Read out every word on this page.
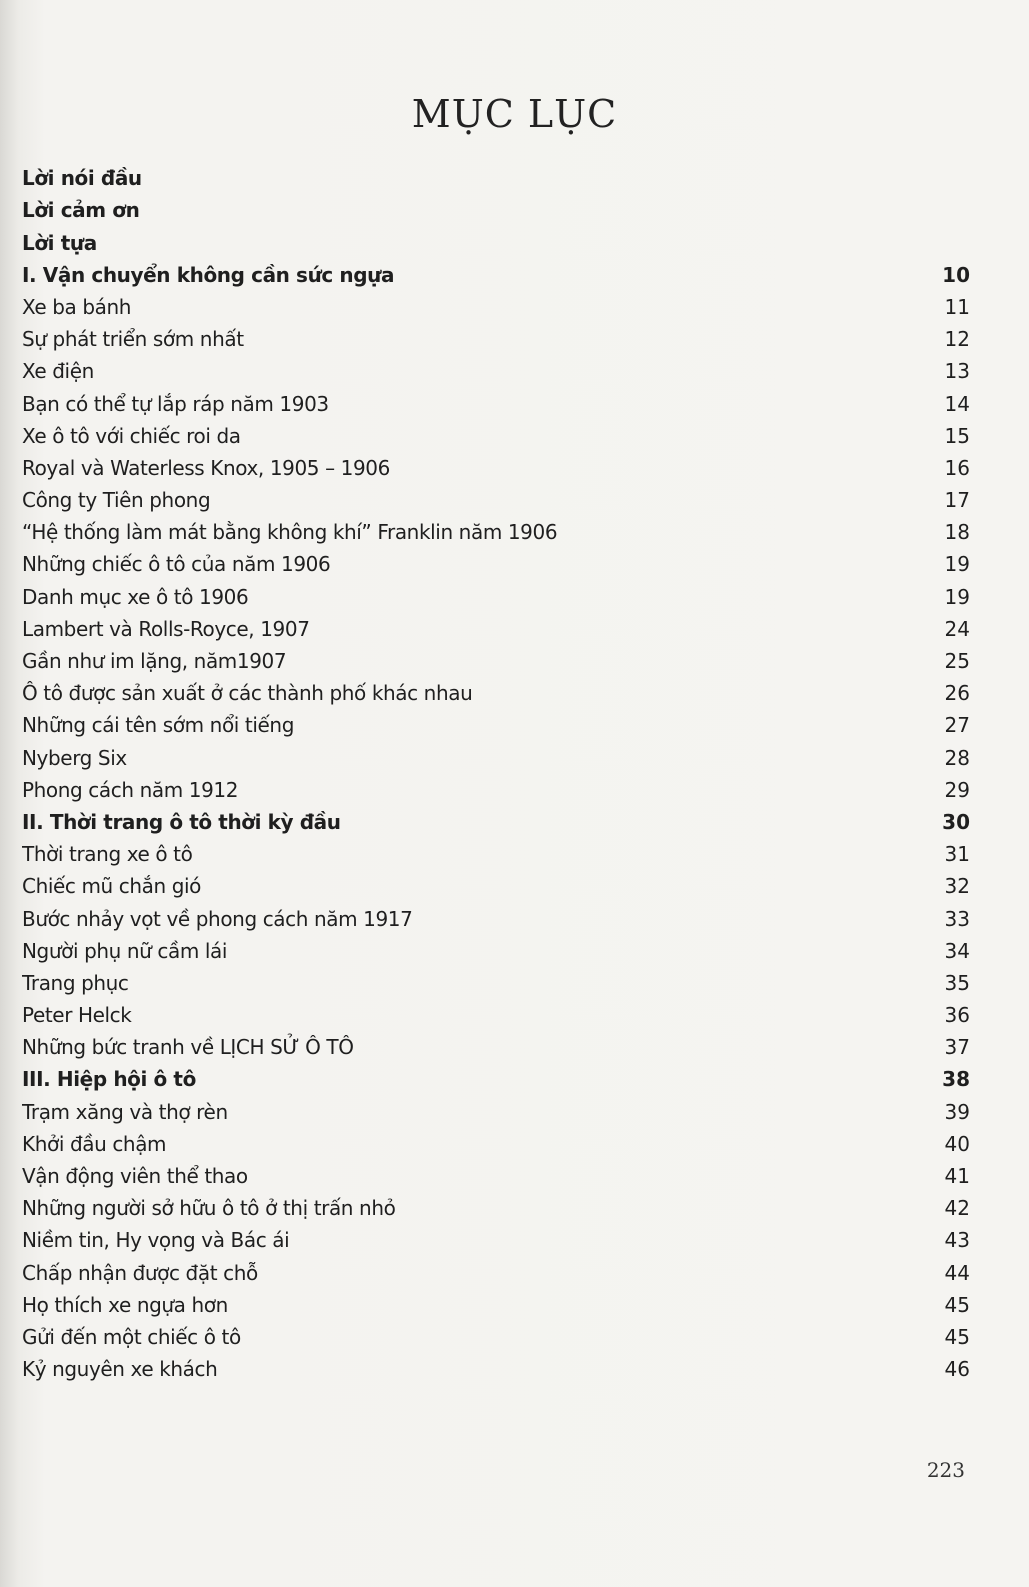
MỤC LỤC
Lời nói đầu
. . .
Lời cảm ơn
. . .
Lời tựa
. . .
I. Vận chuyển không cần sức ngựa . . .	10
Xe ba bánh . . .	11
Sự phát triển sớm nhất . . .	12
Xe điện . . .	13
Bạn có thể tự lắp ráp năm 1903 . . .	14
Xe ô tô với chiếc roi da . . .	15
Royal và Waterless Knox, 1905 – 1906 . . .	16
Công ty Tiên phong . . .	17
“Hệ thống làm mát bằng không khí” Franklin năm 1906 . . .	18
Những chiếc ô tô của năm 1906 . . .	19
Danh mục xe ô tô 1906 . . .	19
Lambert và Rolls-Royce, 1907 . . .	24
Gần như im lặng, năm1907 . . .	25
Ô tô được sản xuất ở các thành phố khác nhau . . .	26
Những cái tên sớm nổi tiếng . . .	27
Nyberg Six . . .	28
Phong cách năm 1912 . . .	29
II. Thời trang ô tô thời kỳ đầu . . .	30
Thời trang xe ô tô . . .	31
Chiếc mũ chắn gió . . .	32
Bước nhảy vọt về phong cách năm 1917 . . .	33
Người phụ nữ cầm lái . . .	34
Trang phục . . .	35
Peter Helck . . .	36
Những bức tranh về LỊCH SỬ Ô TÔ . . .	37
III. Hiệp hội ô tô . . .	38
Trạm xăng và thợ rèn . . .	39
Khởi đầu chậm . . .	40
Vận động viên thể thao . . .	41
Những người sở hữu ô tô ở thị trấn nhỏ . . .	42
Niềm tin, Hy vọng và Bác ái . . .	43
Chấp nhận được đặt chỗ . . .	44
Họ thích xe ngựa hơn . . .	45
Gửi đến một chiếc ô tô . . .	45
Kỷ nguyên xe khách . . .	46
223
